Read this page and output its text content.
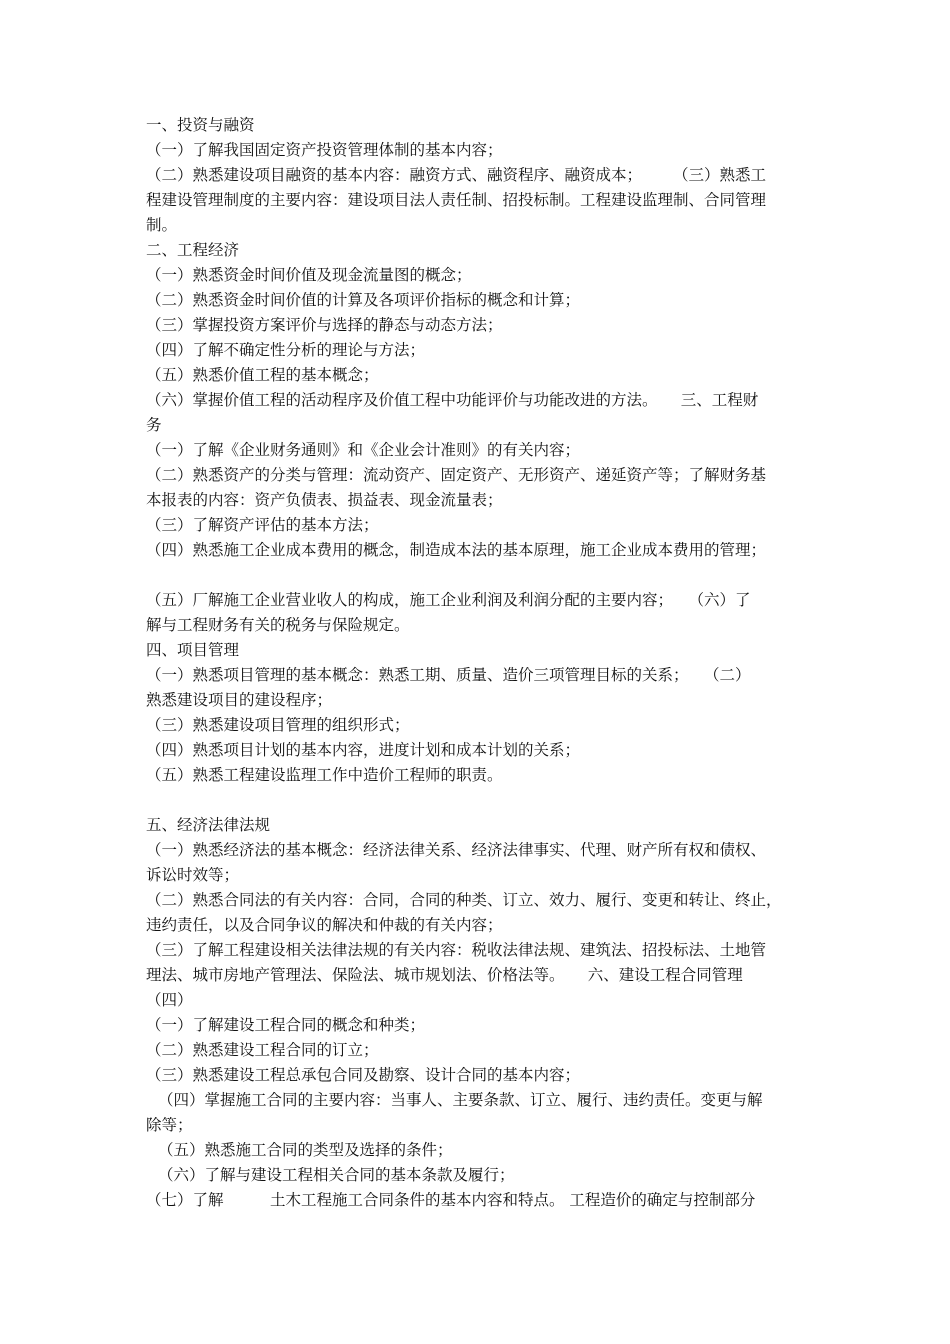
一、投资与融资
（一）了解我国固定资产投资管理体制的基本内容；
（二）熟悉建设项目融资的基本内容：融资方式、融资程序、融资成本；　　　（三）熟悉工
程建设管理制度的主要内容：建设项目法人责任制、招投标制。工程建设监理制、合同管理
制。
二、工程经济
（一）熟悉资金时间价值及现金流量图的概念；
（二）熟悉资金时间价值的计算及各项评价指标的概念和计算；
（三）掌握投资方案评价与选择的静态与动态方法；
（四）了解不确定性分析的理论与方法；
（五）熟悉价值工程的基本概念；
（六）掌握价值工程的活动程序及价值工程中功能评价与功能改进的方法。　　三、工程财
务
（一）了解《企业财务通则》和《企业会计准则》的有关内容；
（二）熟悉资产的分类与管理：流动资产、固定资产、无形资产、递延资产等；了解财务基
本报表的内容：资产负债表、损益表、现金流量表；
（三）了解资产评估的基本方法；
（四）熟悉施工企业成本费用的概念，制造成本法的基本原理，施工企业成本费用的管理；
（五）厂解施工企业营业收人的构成，施工企业利润及利润分配的主要内容；　　（六）了
解与工程财务有关的税务与保险规定。
四、项目管理
（一）熟悉项目管理的基本概念：熟悉工期、质量、造价三项管理目标的关系；　　（二）
熟悉建设项目的建设程序；
（三）熟悉建设项目管理的组织形式；
（四）熟悉项目计划的基本内容，进度计划和成本计划的关系；
（五）熟悉工程建设监理工作中造价工程师的职责。
五、经济法律法规
（一）熟悉经济法的基本概念：经济法律关系、经济法律事实、代理、财产所有权和债权、
诉讼时效等；
（二）熟悉合同法的有关内容：合同，合同的种类、订立、效力、履行、变更和转让、终止，
违约责任，以及合同争议的解决和仲裁的有关内容；
（三）了解工程建设相关法律法规的有关内容：税收法律法规、建筑法、招投标法、土地管
理法、城市房地产管理法、保险法、城市规划法、价格法等。　　六、建设工程合同管理
（四）
（一）了解建设工程合同的概念和种类；
（二）熟悉建设工程合同的订立；
（三）熟悉建设工程总承包合同及勘察、设计合同的基本内容；
（四）掌握施工合同的主要内容：当事人、主要条款、订立、履行、违约责任。变更与解
除等；
（五）熟悉施工合同的类型及选择的条件；
（六）了解与建设工程相关合同的基本条款及履行；
（七）了解　　　土木工程施工合同条件的基本内容和特点。 工程造价的确定与控制部分
